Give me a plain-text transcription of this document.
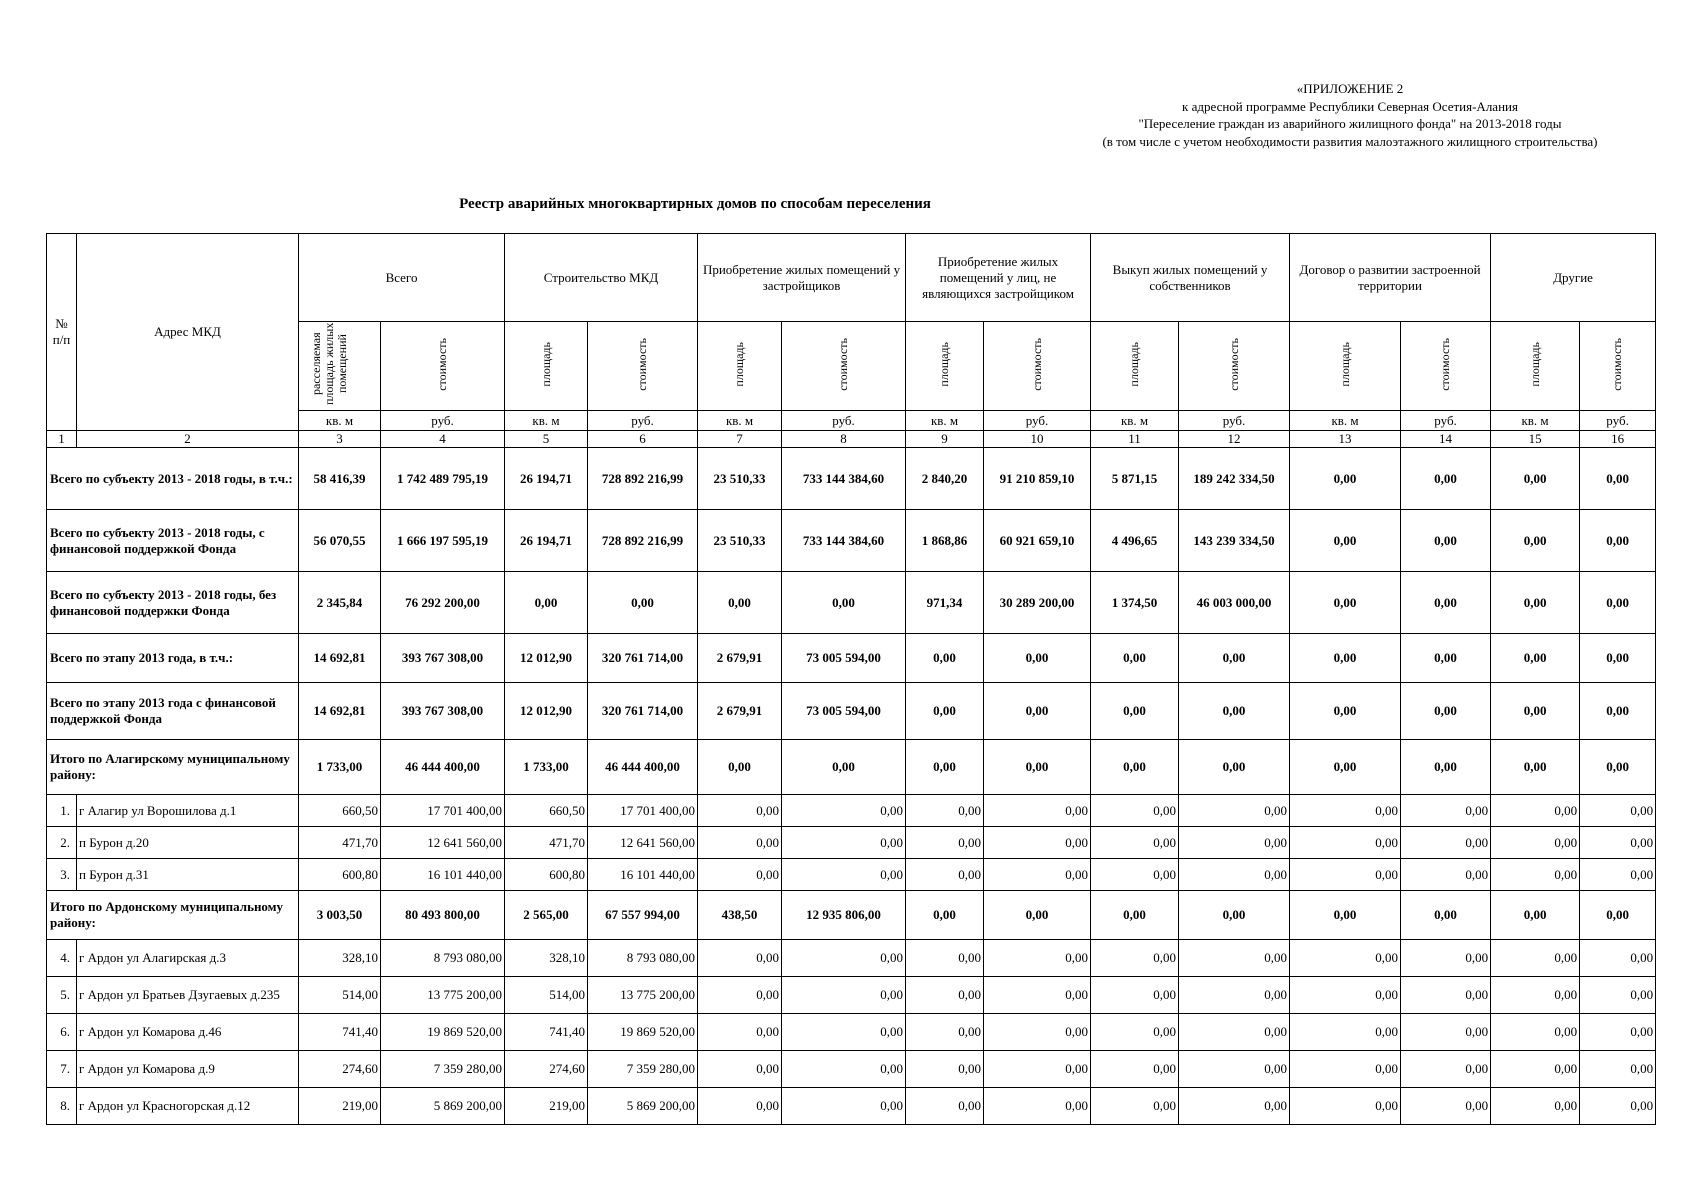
«ПРИЛОЖЕНИЕ 2
к адресной программе Республики Северная Осетия-Алания
"Переселение граждан из аварийного жилищного фонда" на 2013-2018 годы
(в том числе с учетом необходимости развития малоэтажного жилищного строительства)
Реестр аварийных многоквартирных домов по способам переселения
№ п/п	Адрес МКД	Всего		Строительство МКД		Приобретение жилых помещений у застройщиков		Приобретение жилых помещений у лиц, не являющихся застройщиком		Выкуп жилых помещений у собственников		Договор о развитии застроенной территории		Другие	
		расселяемая площадь жилых помещений	стоимость	площадь	стоимость	площадь	стоимость	площадь	стоимость	площадь	стоимость	площадь	стоимость	площадь	стоимость
		кв. м	руб.	кв. м	руб.	кв. м	руб.	кв. м	руб.	кв. м	руб.	кв. м	руб.	кв. м	руб.
1	2	3	4	5	6	7	8	9	10	11	12	13	14	15	16
Всего по субъекту 2013 - 2018 годы, в т.ч.:		58 416,39	1 742 489 795,19	26 194,71	728 892 216,99	23 510,33	733 144 384,60	2 840,20	91 210 859,10	5 871,15	189 242 334,50	0,00	0,00	0,00	0,00
Всего по субъекту 2013 - 2018 годы, с финансовой поддержкой Фонда		56 070,55	1 666 197 595,19	26 194,71	728 892 216,99	23 510,33	733 144 384,60	1 868,86	60 921 659,10	4 496,65	143 239 334,50	0,00	0,00	0,00	0,00
Всего по субъекту 2013 - 2018 годы, без финансовой поддержки Фонда		2 345,84	76 292 200,00	0,00	0,00	0,00	0,00	971,34	30 289 200,00	1 374,50	46 003 000,00	0,00	0,00	0,00	0,00
Всего по этапу 2013 года, в т.ч.:		14 692,81	393 767 308,00	12 012,90	320 761 714,00	2 679,91	73 005 594,00	0,00	0,00	0,00	0,00	0,00	0,00	0,00	0,00
Всего по этапу 2013 года с финансовой поддержкой Фонда		14 692,81	393 767 308,00	12 012,90	320 761 714,00	2 679,91	73 005 594,00	0,00	0,00	0,00	0,00	0,00	0,00	0,00	0,00
Итого по Алагирскому муниципальному району:		1 733,00	46 444 400,00	1 733,00	46 444 400,00	0,00	0,00	0,00	0,00	0,00	0,00	0,00	0,00	0,00	0,00
1.	г Алагир ул Ворошилова д.1	660,50	17 701 400,00	660,50	17 701 400,00	0,00	0,00	0,00	0,00	0,00	0,00	0,00	0,00	0,00	0,00
2.	п Бурон д.20	471,70	12 641 560,00	471,70	12 641 560,00	0,00	0,00	0,00	0,00	0,00	0,00	0,00	0,00	0,00	0,00
3.	п Бурон д.31	600,80	16 101 440,00	600,80	16 101 440,00	0,00	0,00	0,00	0,00	0,00	0,00	0,00	0,00	0,00	0,00
Итого по Ардонскому муниципальному району:		3 003,50	80 493 800,00	2 565,00	67 557 994,00	438,50	12 935 806,00	0,00	0,00	0,00	0,00	0,00	0,00	0,00	0,00
4.	г Ардон ул Алагирская д.3	328,10	8 793 080,00	328,10	8 793 080,00	0,00	0,00	0,00	0,00	0,00	0,00	0,00	0,00	0,00	0,00
5.	г Ардон ул Братьев Дзугаевых д.235	514,00	13 775 200,00	514,00	13 775 200,00	0,00	0,00	0,00	0,00	0,00	0,00	0,00	0,00	0,00	0,00
6.	г Ардон ул Комарова д.46	741,40	19 869 520,00	741,40	19 869 520,00	0,00	0,00	0,00	0,00	0,00	0,00	0,00	0,00	0,00	0,00
7.	г Ардон ул Комарова д.9	274,60	7 359 280,00	274,60	7 359 280,00	0,00	0,00	0,00	0,00	0,00	0,00	0,00	0,00	0,00	0,00
8.	г Ардон ул Красногорская д.12	219,00	5 869 200,00	219,00	5 869 200,00	0,00	0,00	0,00	0,00	0,00	0,00	0,00	0,00	0,00	0,00
